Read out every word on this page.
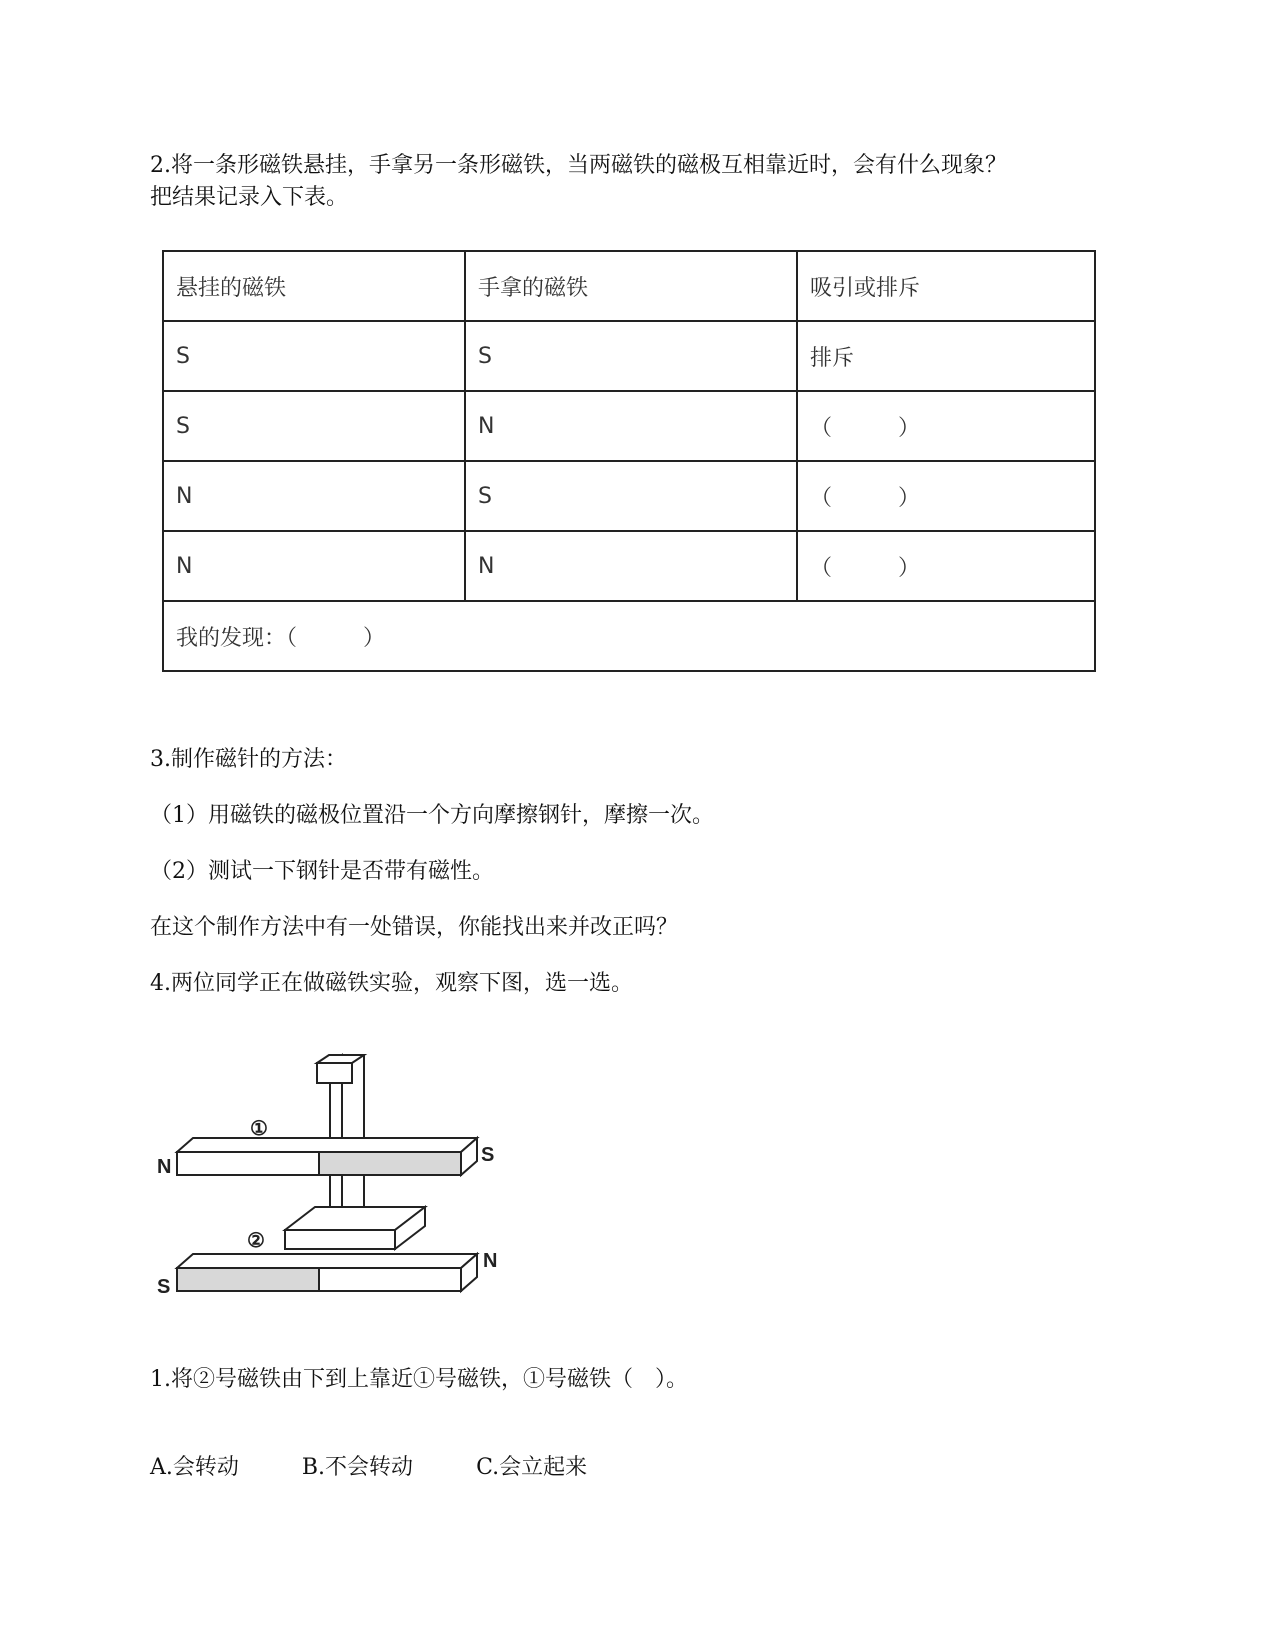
2.将一条形磁铁悬挂，手拿另一条形磁铁，当两磁铁的磁极互相靠近时，会有什么现象？

把结果记录入下表。

悬挂的磁铁	手拿的磁铁	吸引或排斥
S	S	排斥
S	N	（　　　）
N	S	（　　　）
N	N	（　　　）
我的发现：（　　　）		

3.制作磁针的方法：

（1）用磁铁的磁极位置沿一个方向摩擦钢针，摩擦一次。

（2）测试一下钢针是否带有磁性。

在这个制作方法中有一处错误，你能找出来并改正吗？

4.两位同学正在做磁铁实验，观察下图，选一选。

①
N
S
②
S
N

1.将②号磁铁由下到上靠近①号磁铁，①号磁铁（　）。

A.会转动	B.不会转动	C.会立起来
